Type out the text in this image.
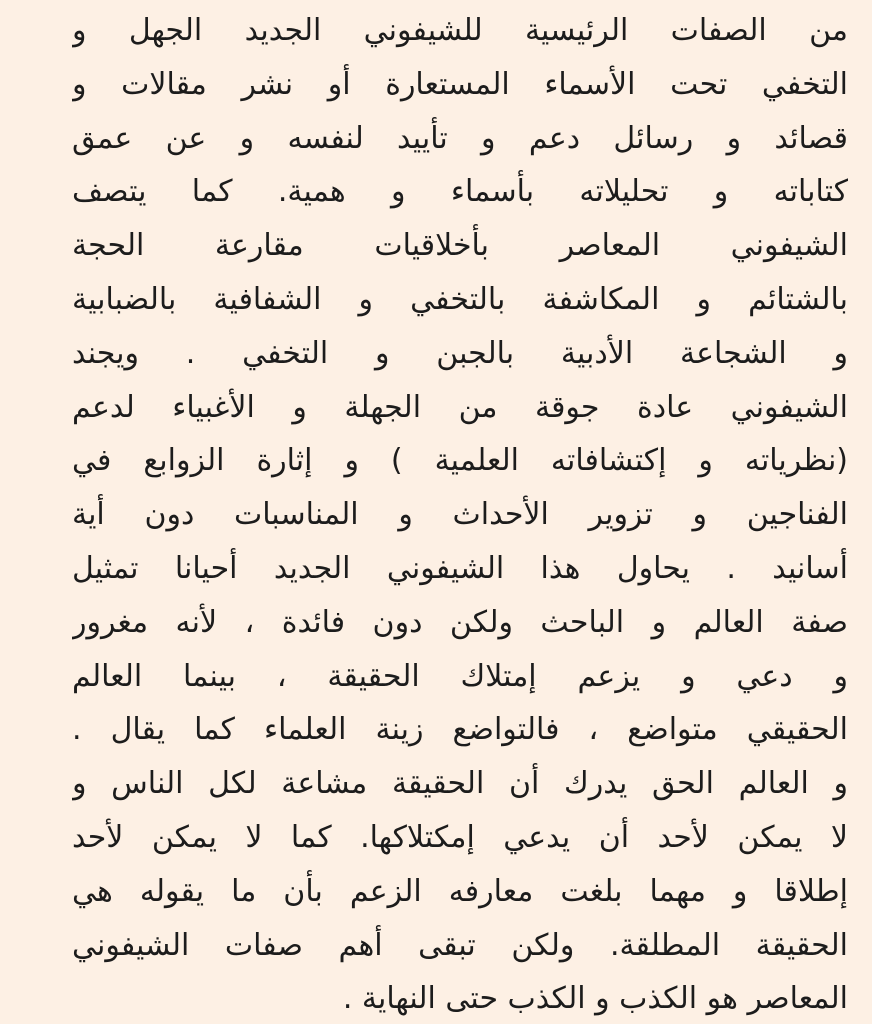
من الصفات الرئيسية للشيفوني الجديد الجهل و
التخفي تحت الأسماء المستعارة أو نشر مقالات و
قصائد و رسائل دعم و تأييد لنفسه و عن عمق
كتاباته و تحليلاته بأسماء و همية. كما يتصف
الشيفوني المعاصر بأخلاقيات مقارعة الحجة
بالشتائم و المكاشفة بالتخفي و الشفافية بالضبابية
و الشجاعة الأدبية بالجبن و التخفي . ويجند
الشيفوني عادة جوقة من الجهلة و الأغبياء لدعم
(نظرياته و إكتشافاته العلمية ) و إثارة الزوابع في
الفناجين و تزوير الأحداث و المناسبات دون أية
أسانيد . يحاول هذا الشيفوني الجديد أحيانا تمثيل
صفة العالم و الباحث ولكن دون فائدة ، لأنه مغرور
و دعي و يزعم إمتلاك الحقيقة ، بينما العالم
الحقيقي متواضع ، فالتواضع زينة العلماء كما يقال .
و العالم الحق يدرك أن الحقيقة مشاعة لكل الناس و
لا يمكن لأحد أن يدعي إمكتلاكها. كما لا يمكن لأحد
إطلاقا و مهما بلغت معارفه الزعم بأن ما يقوله هي
الحقيقة المطلقة. ولكن تبقى أهم صفات الشيفوني
المعاصر هو الكذب و الكذب حتى النهاية .
